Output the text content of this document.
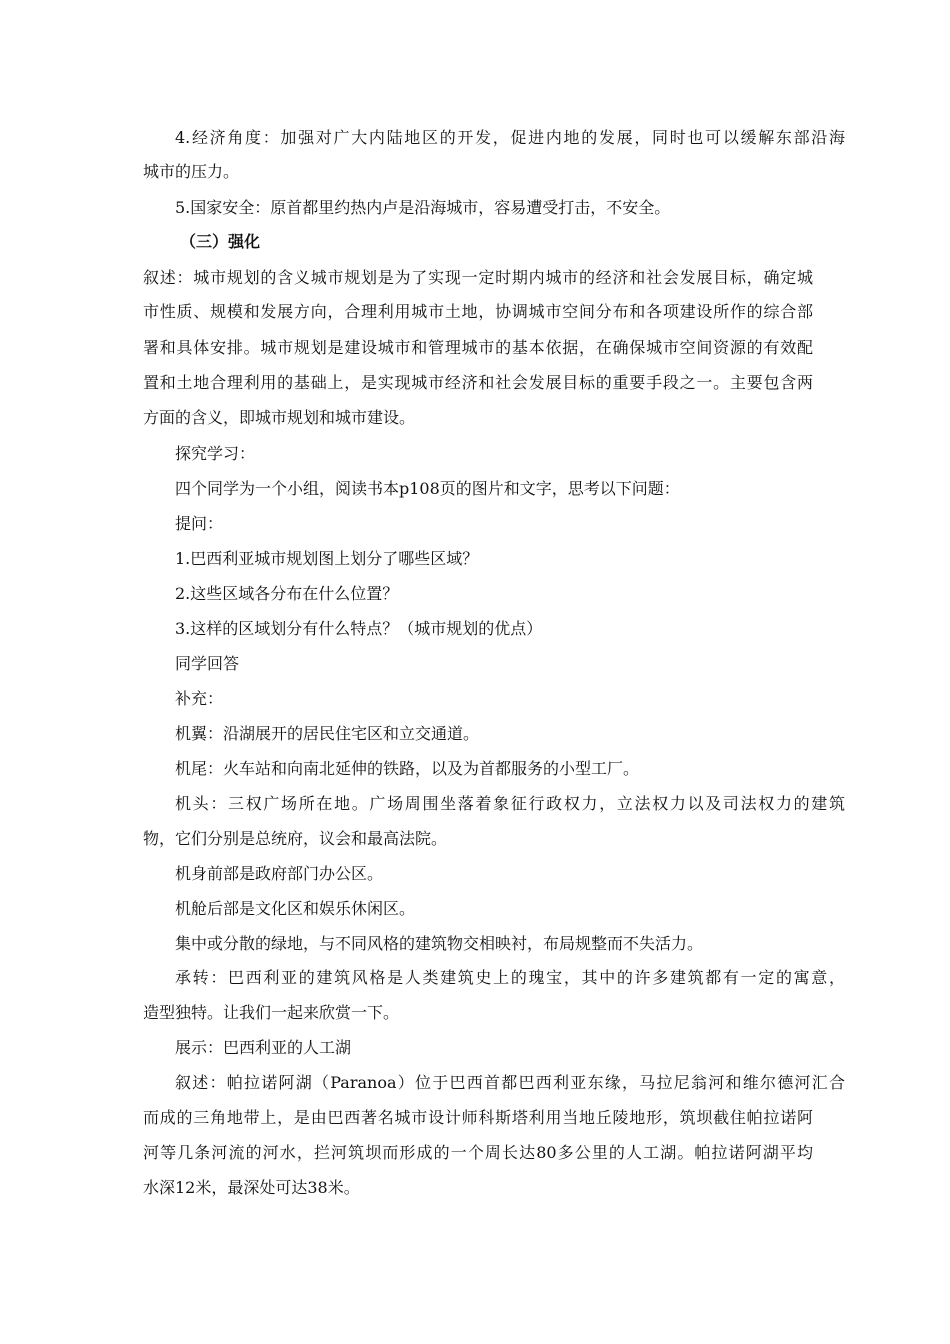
4.经济角度：加强对广大内陆地区的开发，促进内地的发展，同时也可以缓解东部沿海

城市的压力。

5.国家安全：原首都里约热内卢是沿海城市，容易遭受打击，不安全。

（三）强化

叙述：城市规划的含义城市规划是为了实现一定时期内城市的经济和社会发展目标，确定城

市性质、规模和发展方向，合理利用城市土地，协调城市空间分布和各项建设所作的综合部

署和具体安排。城市规划是建设城市和管理城市的基本依据，在确保城市空间资源的有效配

置和土地合理利用的基础上，是实现城市经济和社会发展目标的重要手段之一。主要包含两

方面的含义，即城市规划和城市建设。

探究学习：

四个同学为一个小组，阅读书本p108页的图片和文字，思考以下问题：

提问：

1.巴西利亚城市规划图上划分了哪些区域？

2.这些区域各分布在什么位置？

3.这样的区域划分有什么特点？（城市规划的优点）

同学回答

补充：

机翼：沿湖展开的居民住宅区和立交通道。

机尾：火车站和向南北延伸的铁路，以及为首都服务的小型工厂。

机头：三权广场所在地。广场周围坐落着象征行政权力，立法权力以及司法权力的建筑

物，它们分别是总统府，议会和最高法院。

机身前部是政府部门办公区。

机舱后部是文化区和娱乐休闲区。

集中或分散的绿地，与不同风格的建筑物交相映衬，布局规整而不失活力。

承转：巴西利亚的建筑风格是人类建筑史上的瑰宝，其中的许多建筑都有一定的寓意，

造型独特。让我们一起来欣赏一下。

展示：巴西利亚的人工湖

叙述：帕拉诺阿湖（Paranoa）位于巴西首都巴西利亚东缘，马拉尼翁河和维尔德河汇合

而成的三角地带上，是由巴西著名城市设计师科斯塔利用当地丘陵地形，筑坝截住帕拉诺阿

河等几条河流的河水，拦河筑坝而形成的一个周长达80多公里的人工湖。帕拉诺阿湖平均

水深12米，最深处可达38米。
